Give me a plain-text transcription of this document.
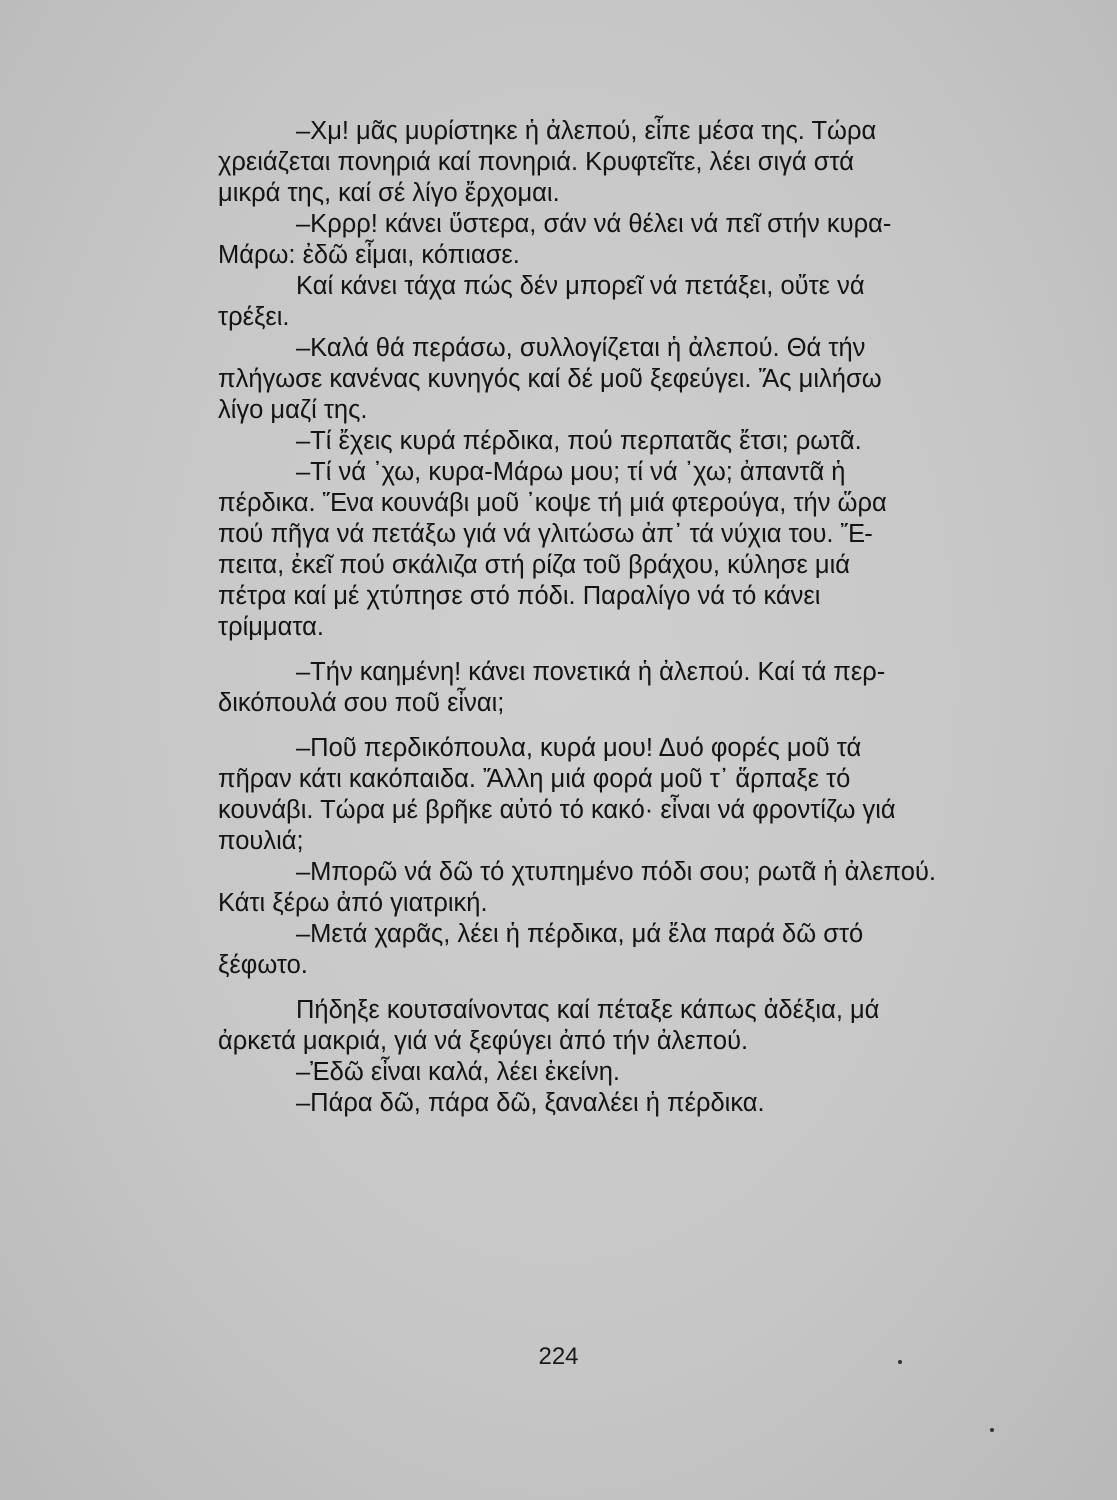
–Χμ! μᾶς μυρίστηκε ἡ ἀλεπού, εἶπε μέσα της. Τώρα
χρειάζεται πονηριά καί πονηριά. Κρυφτεῖτε, λέει σιγά στά
μικρά της, καί σέ λίγο ἔρχομαι.

–Κρρρ! κάνει ὕστερα, σάν νά θέλει νά πεῖ στήν κυρα-
Μάρω: ἐδῶ εἶμαι, κόπιασε.

Καί κάνει τάχα πώς δέν μπορεῖ νά πετάξει, οὔτε νά
τρέξει.

–Καλά θά περάσω, συλλογίζεται ἡ ἀλεπού. Θά τήν
πλήγωσε κανένας κυνηγός καί δέ μοῦ ξεφεύγει. Ἄς μιλήσω
λίγο μαζί της.

–Τί ἔχεις κυρά πέρδικα, πού περπατᾶς ἔτσι; ρωτᾶ.

–Τί νά ᾽χω, κυρα-Μάρω μου; τί νά ᾽χω; ἀπαντᾶ ἡ
πέρδικα. Ἕνα κουνάβι μοῦ ᾽κοψε τή μιά φτερούγα, τήν ὥρα
πού πῆγα νά πετάξω γιά νά γλιτώσω ἀπ᾽ τά νύχια του. Ἔ-
πειτα, ἐκεῖ πού σκάλιζα στή ρίζα τοῦ βράχου, κύλησε μιά
πέτρα καί μέ χτύπησε στό πόδι. Παραλίγο νά τό κάνει
τρίμματα.

–Τήν καημένη! κάνει πονετικά ἡ ἀλεπού. Καί τά περ-
δικόπουλά σου ποῦ εἶναι;

–Ποῦ περδικόπουλα, κυρά μου! Δυό φορές μοῦ τά
πῆραν κάτι κακόπαιδα. Ἄλλη μιά φορά μοῦ τ᾽ ἅρπαξε τό
κουνάβι. Τώρα μέ βρῆκε αὐτό τό κακό· εἶναι νά φροντίζω γιά
πουλιά;

–Μπορῶ νά δῶ τό χτυπημένο πόδι σου; ρωτᾶ ἡ ἀλεπού.
Κάτι ξέρω ἀπό γιατρική.

–Μετά χαρᾶς, λέει ἡ πέρδικα, μά ἔλα παρά δῶ στό
ξέφωτο.

Πήδηξε κουτσαίνοντας καί πέταξε κάπως ἀδέξια, μά
ἀρκετά μακριά, γιά νά ξεφύγει ἀπό τήν ἀλεπού.

–Ἐδῶ εἶναι καλά, λέει ἐκείνη.

–Πάρα δῶ, πάρα δῶ, ξαναλέει ἡ πέρδικα.

224
